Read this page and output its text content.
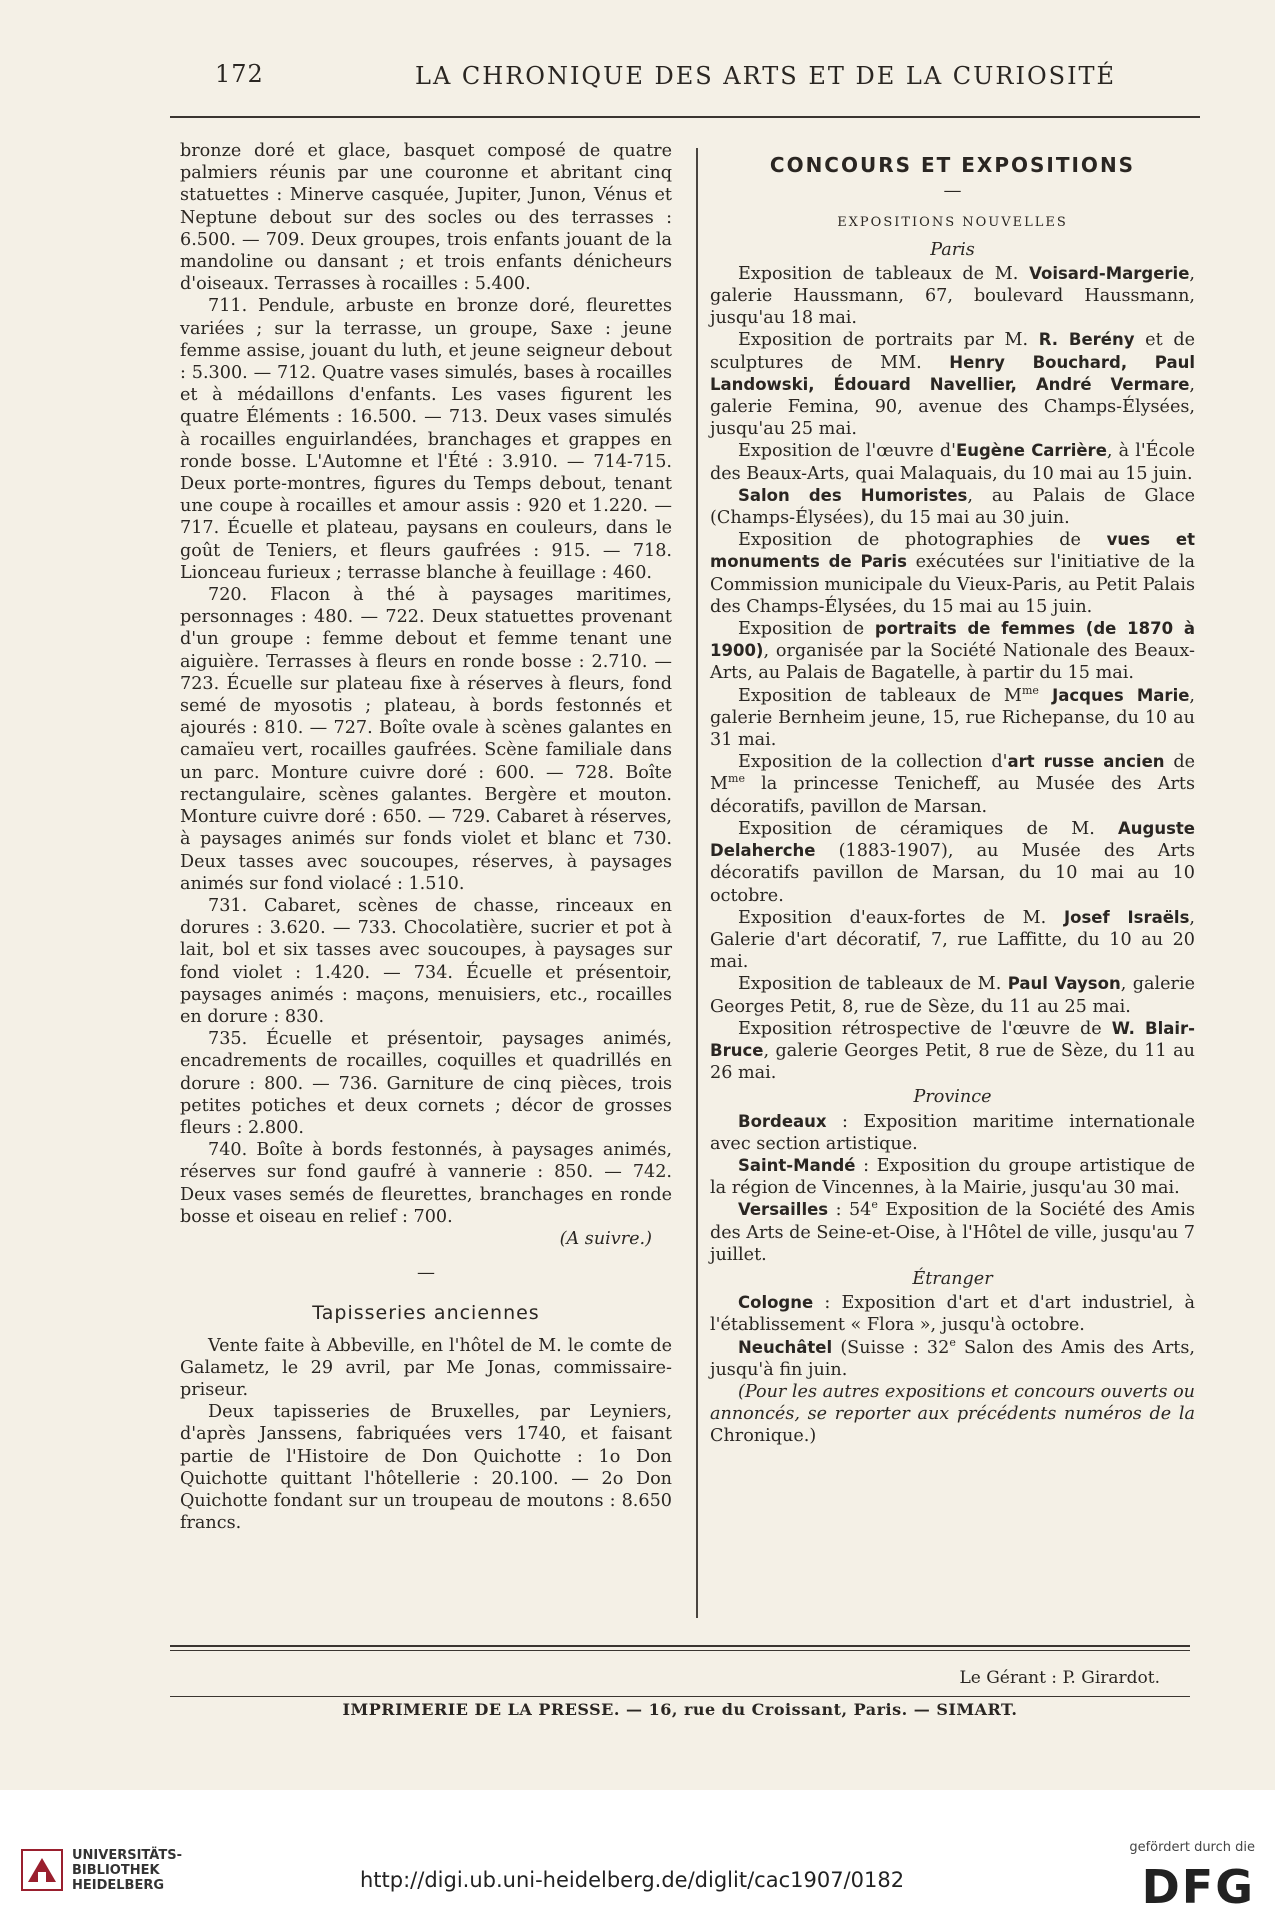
172	LA CHRONIQUE DES ARTS ET DE LA CURIOSITÉ

bronze doré et glace, basquet composé de quatre palmiers réunis par une couronne et abritant cinq statuettes : Minerve casquée, Jupiter, Junon, Vénus et Neptune debout sur des socles ou des terrasses : 6.500. — 709. Deux groupes, trois enfants jouant de la mandoline ou dansant ; et trois enfants dénicheurs d'oiseaux. Terrasses à rocailles : 5.400.

711. Pendule, arbuste en bronze doré, fleurettes variées ; sur la terrasse, un groupe, Saxe : jeune femme assise, jouant du luth, et jeune seigneur debout : 5.300. — 712. Quatre vases simulés, bases à rocailles et à médaillons d'enfants. Les vases figurent les quatre Éléments : 16.500. — 713. Deux vases simulés à rocailles enguirlandées, branchages et grappes en ronde bosse. L'Automne et l'Été : 3.910. — 714-715. Deux porte-montres, figures du Temps debout, tenant une coupe à rocailles et amour assis : 920 et 1.220. — 717. Écuelle et plateau, paysans en couleurs, dans le goût de Teniers, et fleurs gaufrées : 915. — 718. Lionceau furieux ; terrasse blanche à feuillage : 460.

720. Flacon à thé à paysages maritimes, personnages : 480. — 722. Deux statuettes provenant d'un groupe : femme debout et femme tenant une aiguière. Terrasses à fleurs en ronde bosse : 2.710. — 723. Écuelle sur plateau fixe à réserves à fleurs, fond semé de myosotis ; plateau, à bords festonnés et ajourés : 810. — 727. Boîte ovale à scènes galantes en camaïeu vert, rocailles gaufrées. Scène familiale dans un parc. Monture cuivre doré : 600. — 728. Boîte rectangulaire, scènes galantes. Bergère et mouton. Monture cuivre doré : 650. — 729. Cabaret à réserves, à paysages animés sur fonds violet et blanc et 730. Deux tasses avec soucoupes, réserves, à paysages animés sur fond violacé : 1.510.

731. Cabaret, scènes de chasse, rinceaux en dorures : 3.620. — 733. Chocolatière, sucrier et pot à lait, bol et six tasses avec soucoupes, à paysages sur fond violet : 1.420. — 734. Écuelle et présentoir, paysages animés : maçons, menuisiers, etc., rocailles en dorure : 830.

735. Écuelle et présentoir, paysages animés, encadrements de rocailles, coquilles et quadrillés en dorure : 800. — 736. Garniture de cinq pièces, trois petites potiches et deux cornets ; décor de grosses fleurs : 2.800.

740. Boîte à bords festonnés, à paysages animés, réserves sur fond gaufré à vannerie : 850. — 742. Deux vases semés de fleurettes, branchages en ronde bosse et oiseau en relief : 700.

(A suivre.)
—
Tapisseries anciennes

Vente faite à Abbeville, en l'hôtel de M. le comte de Galametz, le 29 avril, par Me Jonas, commissaire-priseur.

Deux tapisseries de Bruxelles, par Leyniers, d'après Janssens, fabriquées vers 1740, et faisant partie de l'Histoire de Don Quichotte : 1o Don Quichotte quittant l'hôtellerie : 20.100. — 2o Don Quichotte fondant sur un troupeau de moutons : 8.650 francs.

CONCOURS ET EXPOSITIONS
—
EXPOSITIONS NOUVELLES
Paris

Exposition de tableaux de M. Voisard-Margerie, galerie Haussmann, 67, boulevard Haussmann, jusqu'au 18 mai.

Exposition de portraits par M. R. Berény et de sculptures de MM. Henry Bouchard, Paul Landowski, Édouard Navellier, André Vermare, galerie Femina, 90, avenue des Champs-Élysées, jusqu'au 25 mai.

Exposition de l'œuvre d'Eugène Carrière, à l'École des Beaux-Arts, quai Malaquais, du 10 mai au 15 juin.

Salon des Humoristes, au Palais de Glace (Champs-Élysées), du 15 mai au 30 juin.

Exposition de photographies de vues et monuments de Paris exécutées sur l'initiative de la Commission municipale du Vieux-Paris, au Petit Palais des Champs-Élysées, du 15 mai au 15 juin.

Exposition de portraits de femmes (de 1870 à 1900), organisée par la Société Nationale des Beaux-Arts, au Palais de Bagatelle, à partir du 15 mai.

Exposition de tableaux de $M^{me}$ Jacques Marie, galerie Bernheim jeune, 15, rue Richepanse, du 10 au 31 mai.

Exposition de la collection d'art russe ancien de $M^{me}$ la princesse Tenicheff, au Musée des Arts décoratifs, pavillon de Marsan.

Exposition de céramiques de M. Auguste Delaherche (1883-1907), au Musée des Arts décoratifs pavillon de Marsan, du 10 mai au 10 octobre.

Exposition d'eaux-fortes de M. Josef Israëls, Galerie d'art décoratif, 7, rue Laffitte, du 10 au 20 mai.

Exposition de tableaux de M. Paul Vayson, galerie Georges Petit, 8, rue de Sèze, du 11 au 25 mai.

Exposition rétrospective de l'œuvre de W. Blair-Bruce, galerie Georges Petit, 8 rue de Sèze, du 11 au 26 mai.

Province

Bordeaux : Exposition maritime internationale avec section artistique.

Saint-Mandé : Exposition du groupe artistique de la région de Vincennes, à la Mairie, jusqu'au 30 mai.

Versailles : 54e Exposition de la Société des Amis des Arts de Seine-et-Oise, à l'Hôtel de ville, jusqu'au 7 juillet.

Étranger

Cologne : Exposition d'art et d'art industriel, à l'établissement « Flora », jusqu'à octobre.

Neuchâtel (Suisse : 32e Salon des Amis des Arts, jusqu'à fin juin.

(Pour les autres expositions et concours ouverts ou annoncés, se reporter aux précédents numéros de la Chronique.)

Le Gérant : P. Girardot.
IMPRIMERIE DE LA PRESSE. — 16, rue du Croissant, Paris. — SIMART.
UNIVERSITÄTS-
BIBLIOTHEK
HEIDELBERG	http://digi.ub.uni-heidelberg.de/diglit/cac1907/0182
gefördert durch die
DFG
